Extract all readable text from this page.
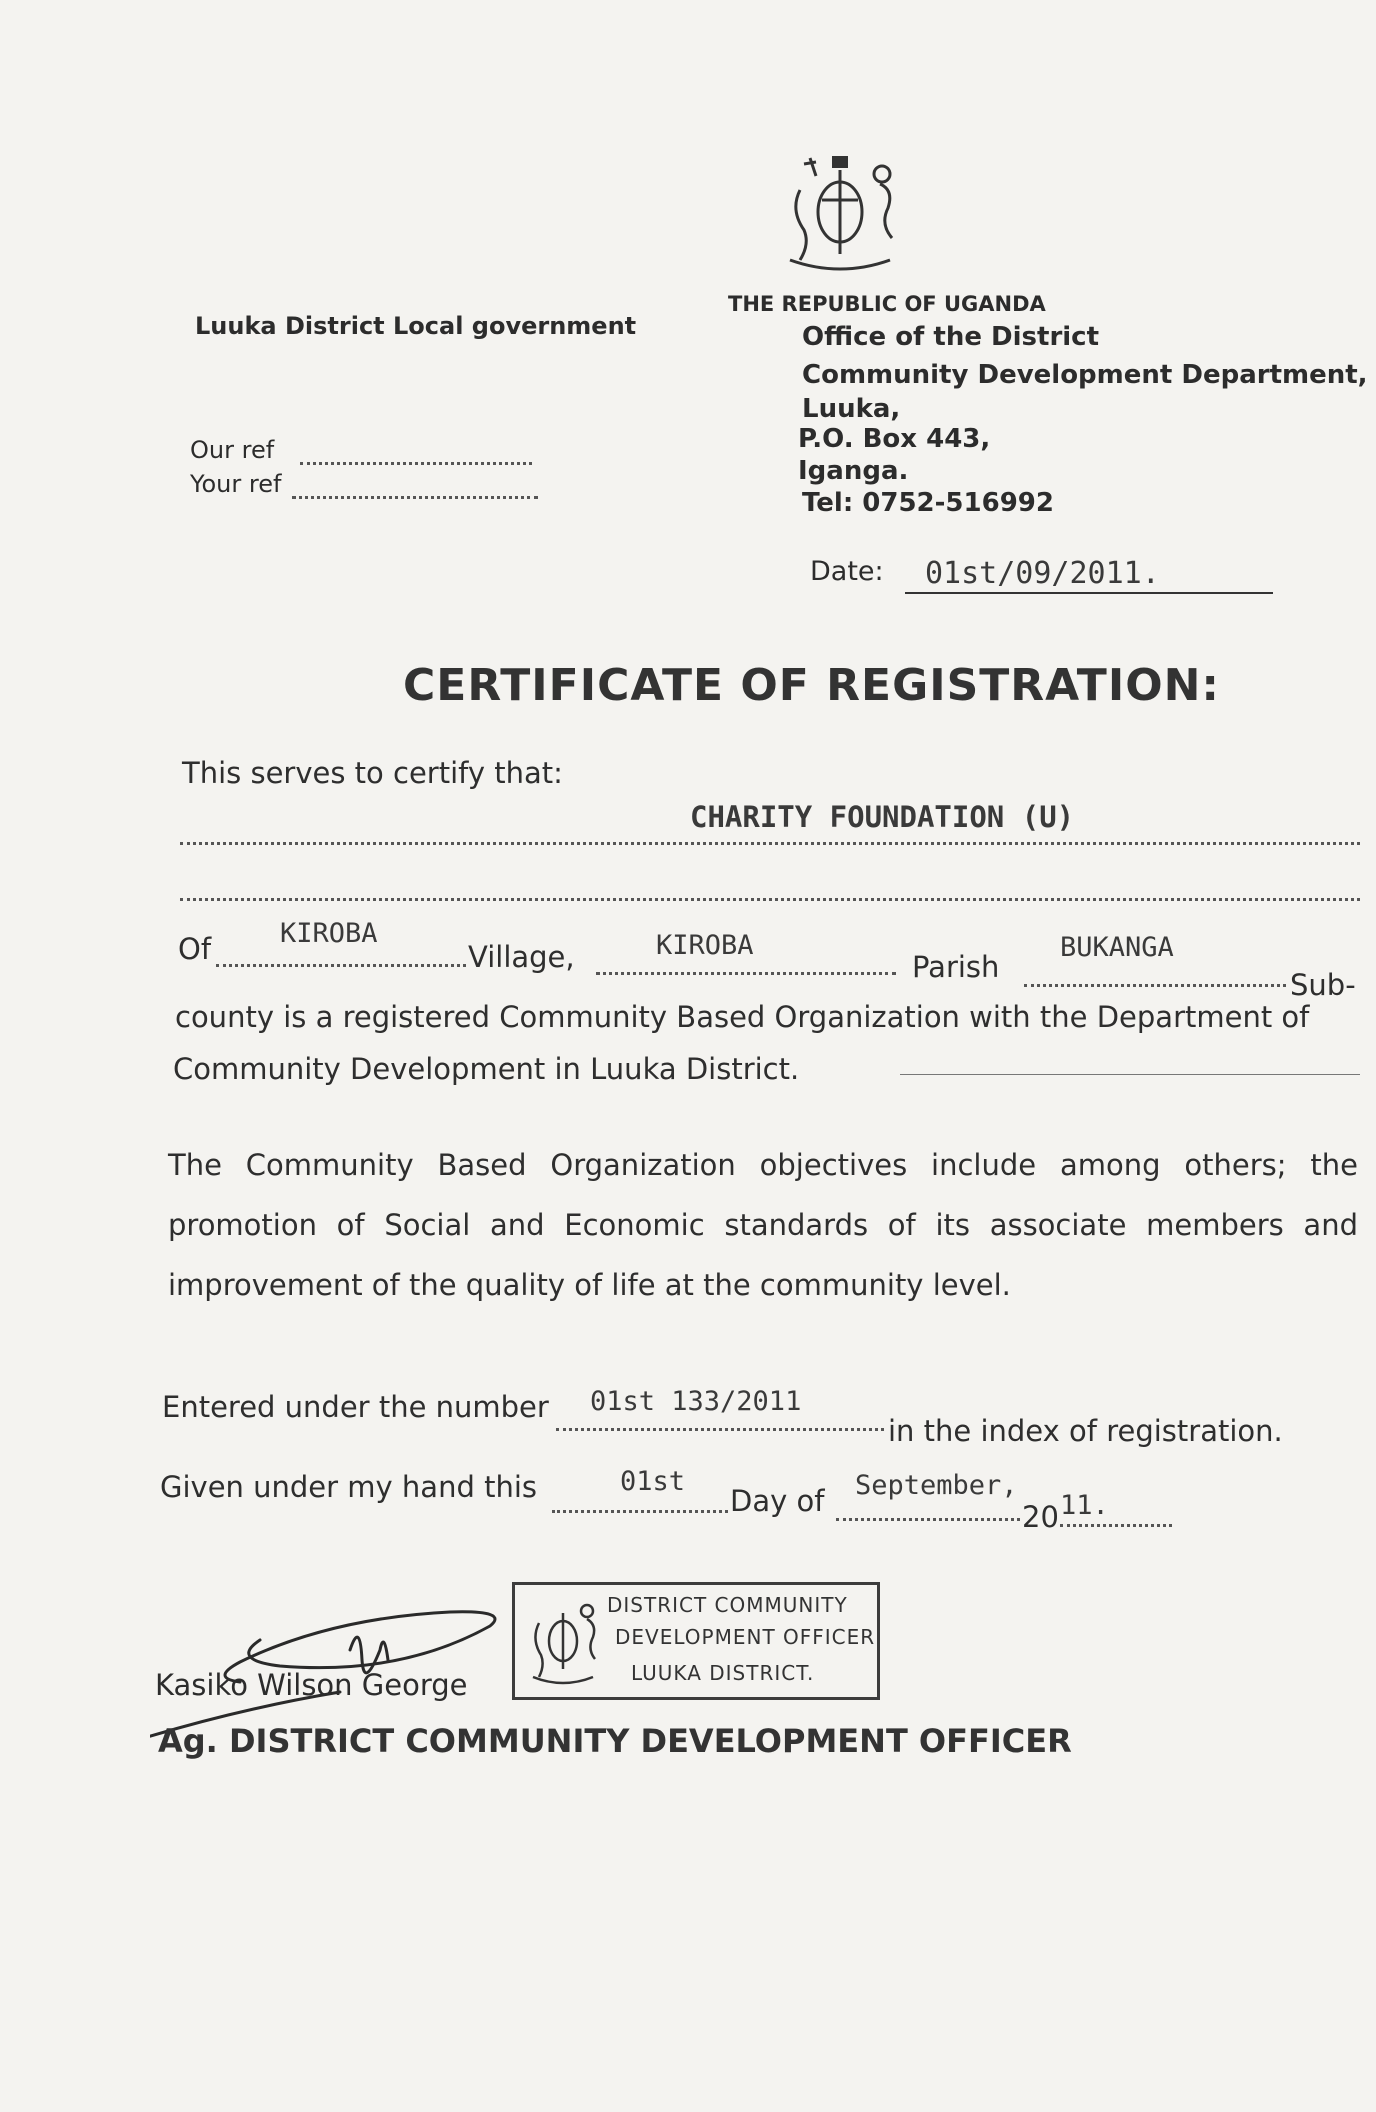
Luuka District Local government
THE REPUBLIC OF UGANDA
Office of the District
Community Development Department,
Luuka,
P.O. Box 443,
Iganga.
Tel: 0752-516992
Our ref
Your ref
Date: 01st/09/2011.
CERTIFICATE OF REGISTRATION:
This serves to certify that:
CHARITY FOUNDATION (U)
Of	KIROBA
Village,	KIROBA
Parish
BUKANGA
Sub-
county is a registered Community Based Organization with the Department of
Community Development in Luuka District.
The Community Based Organization objectives include among others; the
promotion of Social and Economic standards of its associate members and
improvement of the quality of life at the community level.
Entered under the number 01st 133/2011
in the index of registration.
Given under my hand this	01st
Day of September,
20 11.
DISTRICT COMMUNITY
DEVELOPMENT OFFICER
LUUKA DISTRICT.
Kasiko Wilson George
Ag. DISTRICT COMMUNITY DEVELOPMENT OFFICER
